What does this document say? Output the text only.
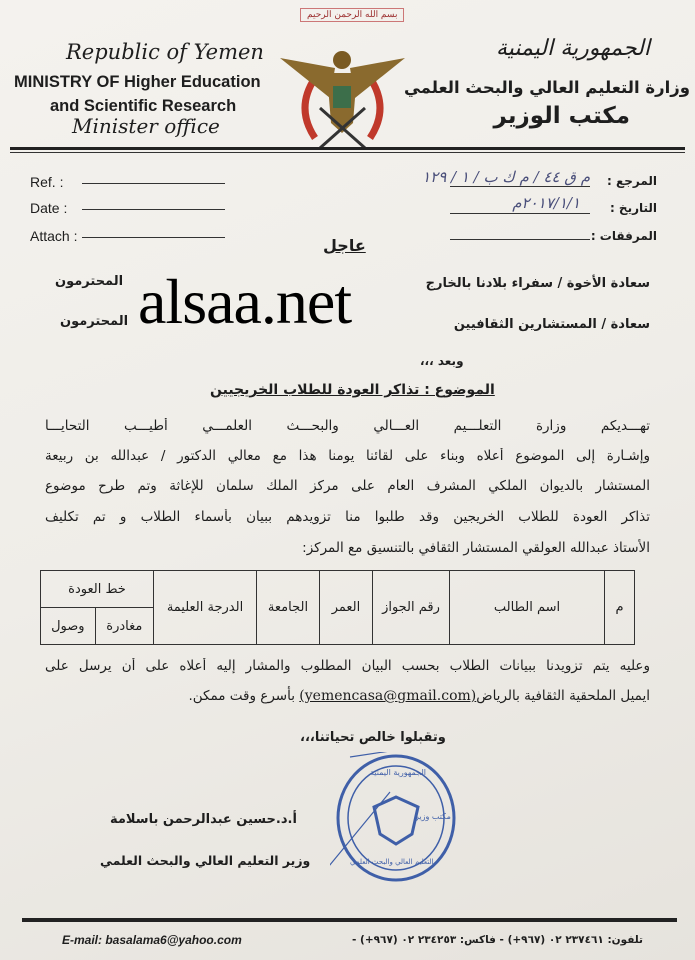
بسم الله الرحمن الرحيم
Republic of Yemen
MINISTRY OF Higher Education
and Scientific Research
Minister office
الجمهورية اليمنية
وزارة التعليم العالي والبحث العلمي
مكتب الوزير
Ref. :
Date :
Attach :
المرجع :
م ق ٤٤ / م ك ب / ١ / ١٢٩
التاريخ :
٢٠١٧/١/١م
المرفقات :
عاجل
سعادة الأخوة / سفراء بلادنا بالخارج
المحترمون
سعادة / المستشارين الثقافيين
المحترمون
وبعد ،،،
alsaa.net
الموضوع : تذاكر العودة للطلاب الخريجيين
تهـــديكم وزارة التعلـــيم العـــالي والبحـــث العلمـــي أطيـــب التحايـــا
وإشـارة إلى الموضوع أعلاه وبناء على لقائنا يومنا هذا مع معالي الدكتور / عبدالله بن ربيعة
المستشار بالديوان الملكي المشرف العام على مركز الملك سلمان للإغاثة وتم طرح موضوع
تذاكر العودة للطلاب الخريجين وقد طلبوا منا تزويدهم ببيان بأسماء الطلاب و تم تكليف
الأستاذ عبدالله العولقي المستشار الثقافي بالتنسيق مع المركز:
م	اسم الطالب	رقم الجواز	العمر	الجامعة	الدرجة العليمة	خط العودة	
						مغادرة	وصول
وعليه يتم تزويدنا ببيانات الطلاب بحسب البيان المطلوب والمشار إليه أعلاه على أن يرسل على
ايميل الملحقية الثقافية بالرياض(yemencasa@gmail.com) بأسرع وقت ممكن.
وتقبلوا خالص تحياتنا،،،
الجمهورية اليمنية
مكتب وزير
التعليم العالي والبحث العلمي
أ.د.حسين عبدالرحمن باسلامة
وزير التعليم العالي والبحث العلمي
E-mail: basalama6@yahoo.com	تلفون: ٢٣٧٤٦١ ٠٢ (٩٦٧+) - فاكس: ٢٣٤٢٥٣ ٠٢ (٩٦٧+) -
